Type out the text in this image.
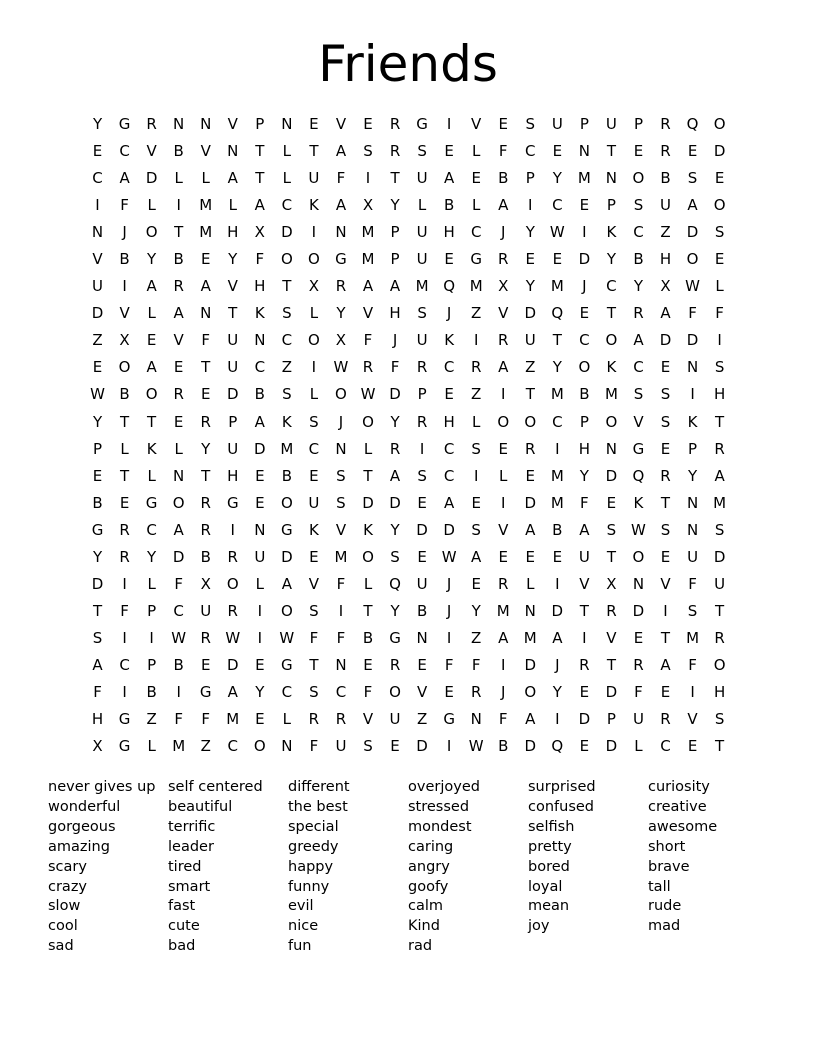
Friends
Y	G	R	N	N	V	P	N	E	V	E	R	G	I	V	E	S	U	P	U	P	R	Q	O
E	C	V	B	V	N	T	L	T	A	S	R	S	E	L	F	C	E	N	T	E	R	E	D
C	A	D	L	L	A	T	L	U	F	I	T	U	A	E	B	P	Y	M N	O	B	S	E
I	F	L	I	M	L	A	C	K	A	X	Y	L	B	L	A	I	C	E	P	S	U	A	O
N	J	O	T	M H	X	D	I	N M	P	U	H	C	J	Y	W	I	K	C	Z	D	S
V	B	Y	B	E	Y	F	O	O	G M	P	U	E	G	R	E	E	D	Y	B	H	O	E
U	I	A	R	A	V	H	T	X	R	A	A	M Q M	X	Y	M	J	C	Y	X W	L
D	V	L	A	N	T	K	S	L	Y	V	H	S	J	Z	V	D	Q	E	T	R	A	F	F
Z	X	E	V	F	U	N	C	O	X	F	J	U	K	I	R	U	T	C	O	A	D	D	I
E	O	A	E	T	U	C	Z	I	W R	F	R	C	R	A	Z	Y	O	K	C	E	N	S
W B	O	R	E	D	B	S	L	O W D	P	E	Z	I	T	M	B	M	S	S	I	H
Y	T	T	E	R	P	A	K	S	J	O	Y	R	H	L	O	O	C	P	O	V	S	K	T
P	L	K	L	Y	U	D M	C	N	L	R	I	C	S	E	R	I	H	N	G	E	P	R
E	T	L	N	T	H	E	B	E	S	T	A	S	C	I	L	E	M	Y	D	Q	R	Y	A
B	E	G	O	R	G	E	O	U	S	D	D	E	A	E	I	D M	F	E	K	T	N M
G	R	C	A	R	I	N	G	K	V	K	Y	D	D	S	V	A	B	A	S W S	N	S
Y	R	Y	D	B	R	U	D	E	M O	S	E W A	E	E	E	U	T	O	E	U	D
D	I	L	F	X	O	L	A	V	F	L	Q	U	J	E	R	L	I	V	X	N	V	F	U
T	F	P	C	U	R	I	O	S	I	T	Y	B	J	Y	M N	D	T	R	D	I	S	T
S	I	I	W R W	I	W	F	F	B	G	N	I	Z	A	M	A	I	V	E	T	M	R
A	C	P	B	E	D	E	G	T	N	E	R	E	F	F	I	D	J	R	T	R	A	F	O
F	I	B	I	G	A	Y	C	S	C	F	O	V	E	R	J	O	Y	E	D	F	E	I	H
H	G	Z	F	F	M	E	L	R	R	V	U	Z	G	N	F	A	I	D	P	U	R	V	S
X	G	L	M	Z	C	O	N	F	U	S	E	D	I	W B	D	Q	E	D	L	C	E	T
never gives up
wonderful
gorgeous
amazing
scary
crazy
slow
cool
sad
self centered
beautiful
terrific
leader
tired
smart
fast
cute
bad
different
the best
special
greedy
happy
funny
evil
nice
fun
overjoyed
stressed
mondest
caring
angry
goofy
calm
Kind
rad
surprised
confused
selfish
pretty
bored
loyal
mean
joy
curiosity
creative
awesome
short
brave
tall
rude
mad
